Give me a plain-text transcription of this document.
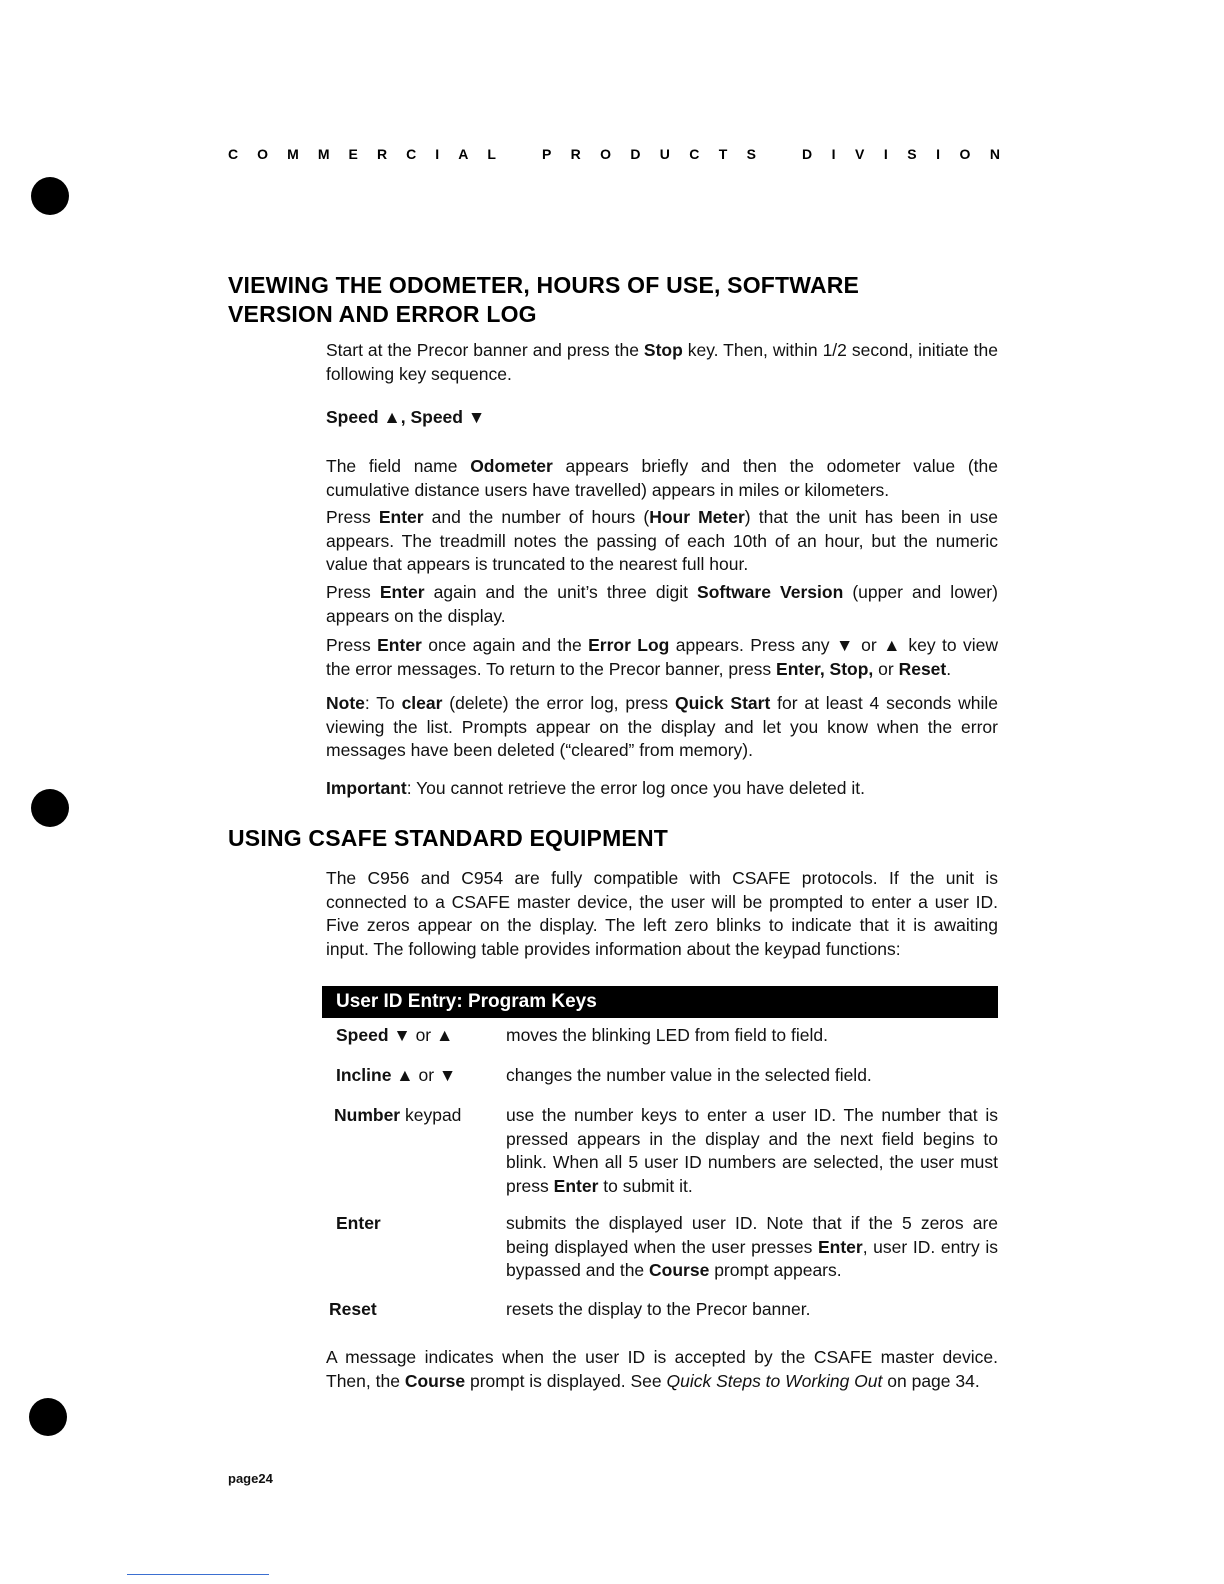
C O M M E R C I A L	P R O D U C T S	D I V I S I O N
VIEWING THE ODOMETER, HOURS OF USE, SOFTWARE
VERSION AND ERROR LOG

Start at the Precor banner and press the Stop key. Then, within 1/2 second, initiate the following key sequence.

Speed ▲, Speed ▼

The field name Odometer appears briefly and then the odometer value (the cumulative distance users have travelled) appears in miles or kilometers.

Press Enter and the number of hours (Hour Meter) that the unit has been in use appears. The treadmill notes the passing of each 10th of an hour, but the numeric value that appears is truncated to the nearest full hour.

Press Enter again and the unit’s three digit Software Version (upper and lower) appears on the display.

Press Enter once again and the Error Log appears. Press any ▼ or ▲ key to view the error messages. To return to the Precor banner, press Enter, Stop, or Reset.

Note: To clear (delete) the error log, press Quick Start for at least 4 seconds while viewing the list. Prompts appear on the display and let you know when the error messages have been deleted (“cleared” from memory).

Important: You cannot retrieve the error log once you have deleted it.

USING CSAFE STANDARD EQUIPMENT

The C956 and C954 are fully compatible with CSAFE protocols. If the unit is connected to a CSAFE master device, the user will be prompted to enter a user ID. Five zeros appear on the display. The left zero blinks to indicate that it is awaiting input. The following table provides information about the keypad functions:

User ID Entry: Program Keys
Speed ▼ or ▲	moves the blinking LED from field to field.
Incline ▲ or ▼	changes the number value in the selected field.
Number keypad	use the number keys to enter a user ID. The number that is pressed appears in the display and the next field begins to blink. When all 5 user ID numbers are selected, the user must press Enter to submit it.
Enter	submits the displayed user ID. Note that if the 5 zeros are being displayed when the user presses Enter, user ID. entry is bypassed and the Course prompt appears.
Reset	resets the display to the Precor banner.

A message indicates when the user ID is accepted by the CSAFE master device. Then, the Course prompt is displayed. See Quick Steps to Working Out on page 34.

page24
